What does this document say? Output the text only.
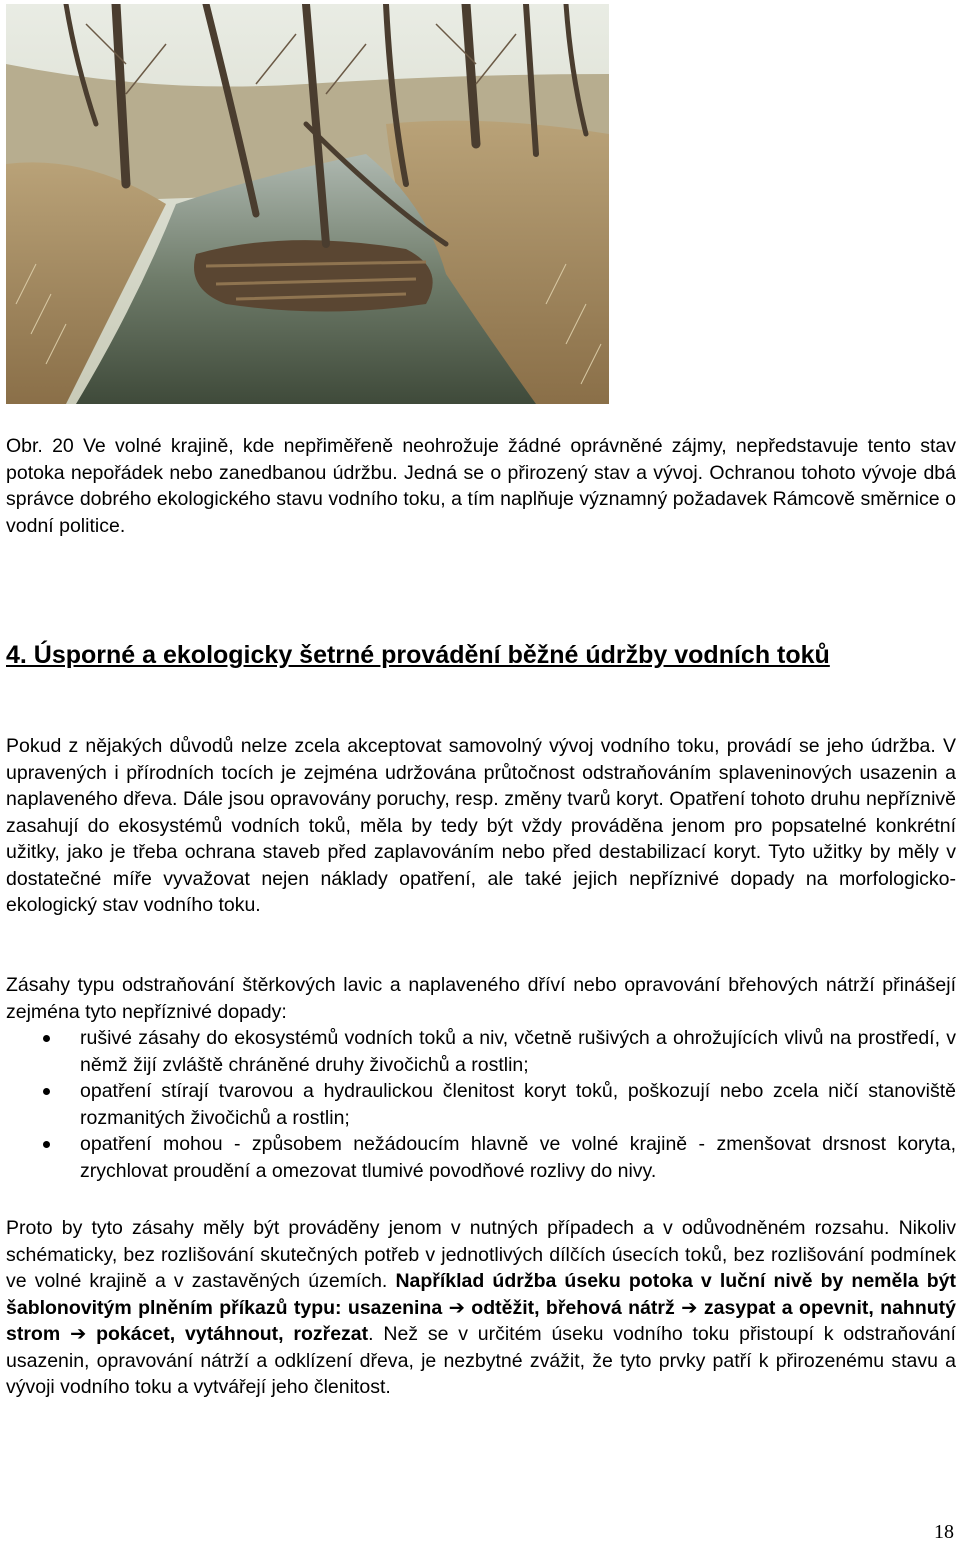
Obr. 20 Ve volné krajině, kde nepřiměřeně neohrožuje žádné oprávněné zájmy, nepředstavuje tento stav potoka nepořádek nebo zanedbanou údržbu. Jedná se o přirozený stav a vývoj. Ochranou tohoto vývoje dbá správce dobrého ekologického stavu vodního toku, a tím naplňuje významný požadavek Rámcově směrnice o vodní politice.
4. Úsporné a ekologicky šetrné provádění běžné údržby vodních toků
Pokud z nějakých důvodů nelze zcela akceptovat samovolný vývoj vodního toku, provádí se jeho údržba. V upravených i přírodních tocích je zejména udržována průtočnost odstraňováním splaveninových usazenin a naplaveného dřeva. Dále jsou opravovány poruchy, resp. změny tvarů koryt. Opatření tohoto druhu nepříznivě zasahují do ekosystémů vodních toků, měla by tedy být vždy prováděna jenom pro popsatelné konkrétní užitky, jako je třeba ochrana staveb před zaplavováním nebo před destabilizací koryt. Tyto užitky by měly v dostatečné míře vyvažovat nejen náklady opatření, ale také jejich nepříznivé dopady na morfologicko-ekologický stav vodního toku.
Zásahy typu odstraňování štěrkových lavic a naplaveného dříví nebo opravování břehových nátrží přinášejí zejména tyto nepříznivé dopady:
rušivé zásahy do ekosystémů vodních toků a niv, včetně rušivých a ohrožujících vlivů na prostředí, v němž žijí zvláště chráněné druhy živočichů a rostlin;
opatření stírají tvarovou a hydraulickou členitost koryt toků, poškozují nebo zcela ničí stanoviště rozmanitých živočichů a rostlin;
opatření mohou - způsobem nežádoucím hlavně ve volné krajině - zmenšovat drsnost koryta, zrychlovat proudění a omezovat tlumivé povodňové rozlivy do nivy.
Proto by tyto zásahy měly být prováděny jenom v nutných případech a v odůvodněném rozsahu. Nikoliv schématicky, bez rozlišování skutečných potřeb v jednotlivých dílčích úsecích toků, bez rozlišování podmínek ve volné krajině a v zastavěných územích. Například údržba úseku potoka v luční nivě by neměla být šablonovitým plněním příkazů typu: usazenina ➔ odtěžit, břehová nátrž ➔ zasypat a opevnit, nahnutý strom ➔ pokácet, vytáhnout, rozřezat. Než se v určitém úseku vodního toku přistoupí k odstraňování usazenin, opravování nátrží a odklízení dřeva, je nezbytné zvážit, že tyto prvky patří k přirozenému stavu a vývoji vodního toku a vytvářejí jeho členitost.
18
